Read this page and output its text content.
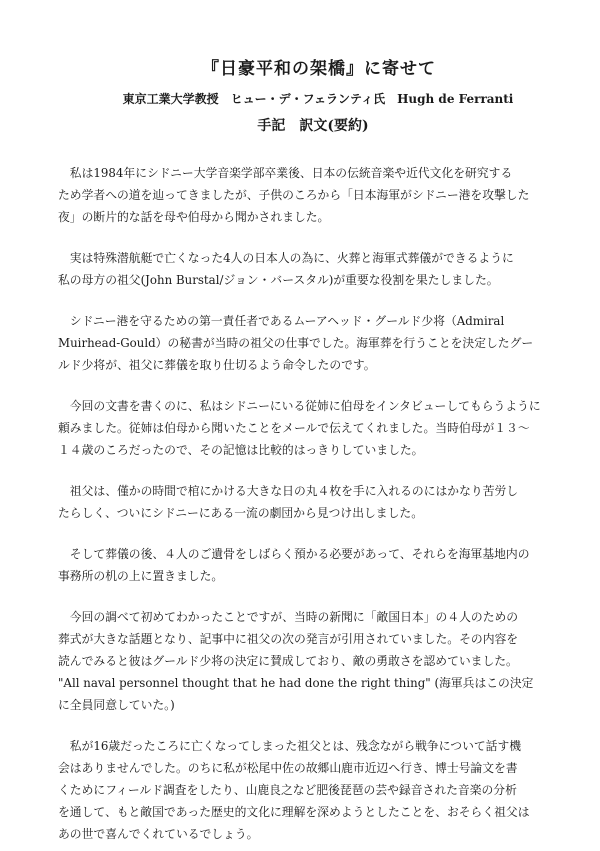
『日豪平和の架橋』に寄せて
東京工業大学教授　ヒュー・デ・フェランティ氏　Hugh de Ferranti
手記 訳文(要約)
　私は1984年にシドニー大学音楽学部卒業後、日本の伝統音楽や近代文化を研究する
ため学者への道を辿ってきましたが、子供のころから「日本海軍がシドニー港を攻撃した
夜」の断片的な話を母や伯母から聞かされました。
　実は特殊潜航艇で亡くなった4人の日本人の為に、火葬と海軍式葬儀ができるように
私の母方の祖父(John Burstal/ジョン・バースタル)が重要な役割を果たしました。
　シドニー港を守るための第一責任者であるムーアヘッド・グールド少将（Admiral
Muirhead-Gould）の秘書が当時の祖父の仕事でした。海軍葬を行うことを決定したグー
ルド少将が、祖父に葬儀を取り仕切るよう命令したのです。
　今回の文書を書くのに、私はシドニーにいる従姉に伯母をインタビューしてもらうように
頼みました。従姉は伯母から聞いたことをメールで伝えてくれました。当時伯母が１３～
１４歳のころだったので、その記憶は比較的はっきりしていました。
　祖父は、僅かの時間で棺にかける大きな日の丸４枚を手に入れるのにはかなり苦労し
たらしく、ついにシドニーにある一流の劇団から見つけ出しました。
　そして葬儀の後、４人のご遺骨をしばらく預かる必要があって、それらを海軍基地内の
事務所の机の上に置きました。
　今回の調べて初めてわかったことですが、当時の新聞に「敵国日本」の４人のための
葬式が大きな話題となり、記事中に祖父の次の発言が引用されていました。その内容を
読んでみると彼はグールド少将の決定に賛成しており、敵の勇敢さを認めていました。
"All naval personnel thought that he had done the right thing" (海軍兵はこの決定
に全員同意していた。)
　私が16歳だったころに亡くなってしまった祖父とは、残念ながら戦争について話す機
会はありませんでした。のちに私が松尾中佐の故郷山鹿市近辺へ行き、博士号論文を書
くためにフィールド調査をしたり、山鹿良之など肥後琵琶の芸や録音された音楽の分析
を通して、もと敵国であった歴史的文化に理解を深めようとしたことを、おそらく祖父は
あの世で喜んでくれているでしょう。
